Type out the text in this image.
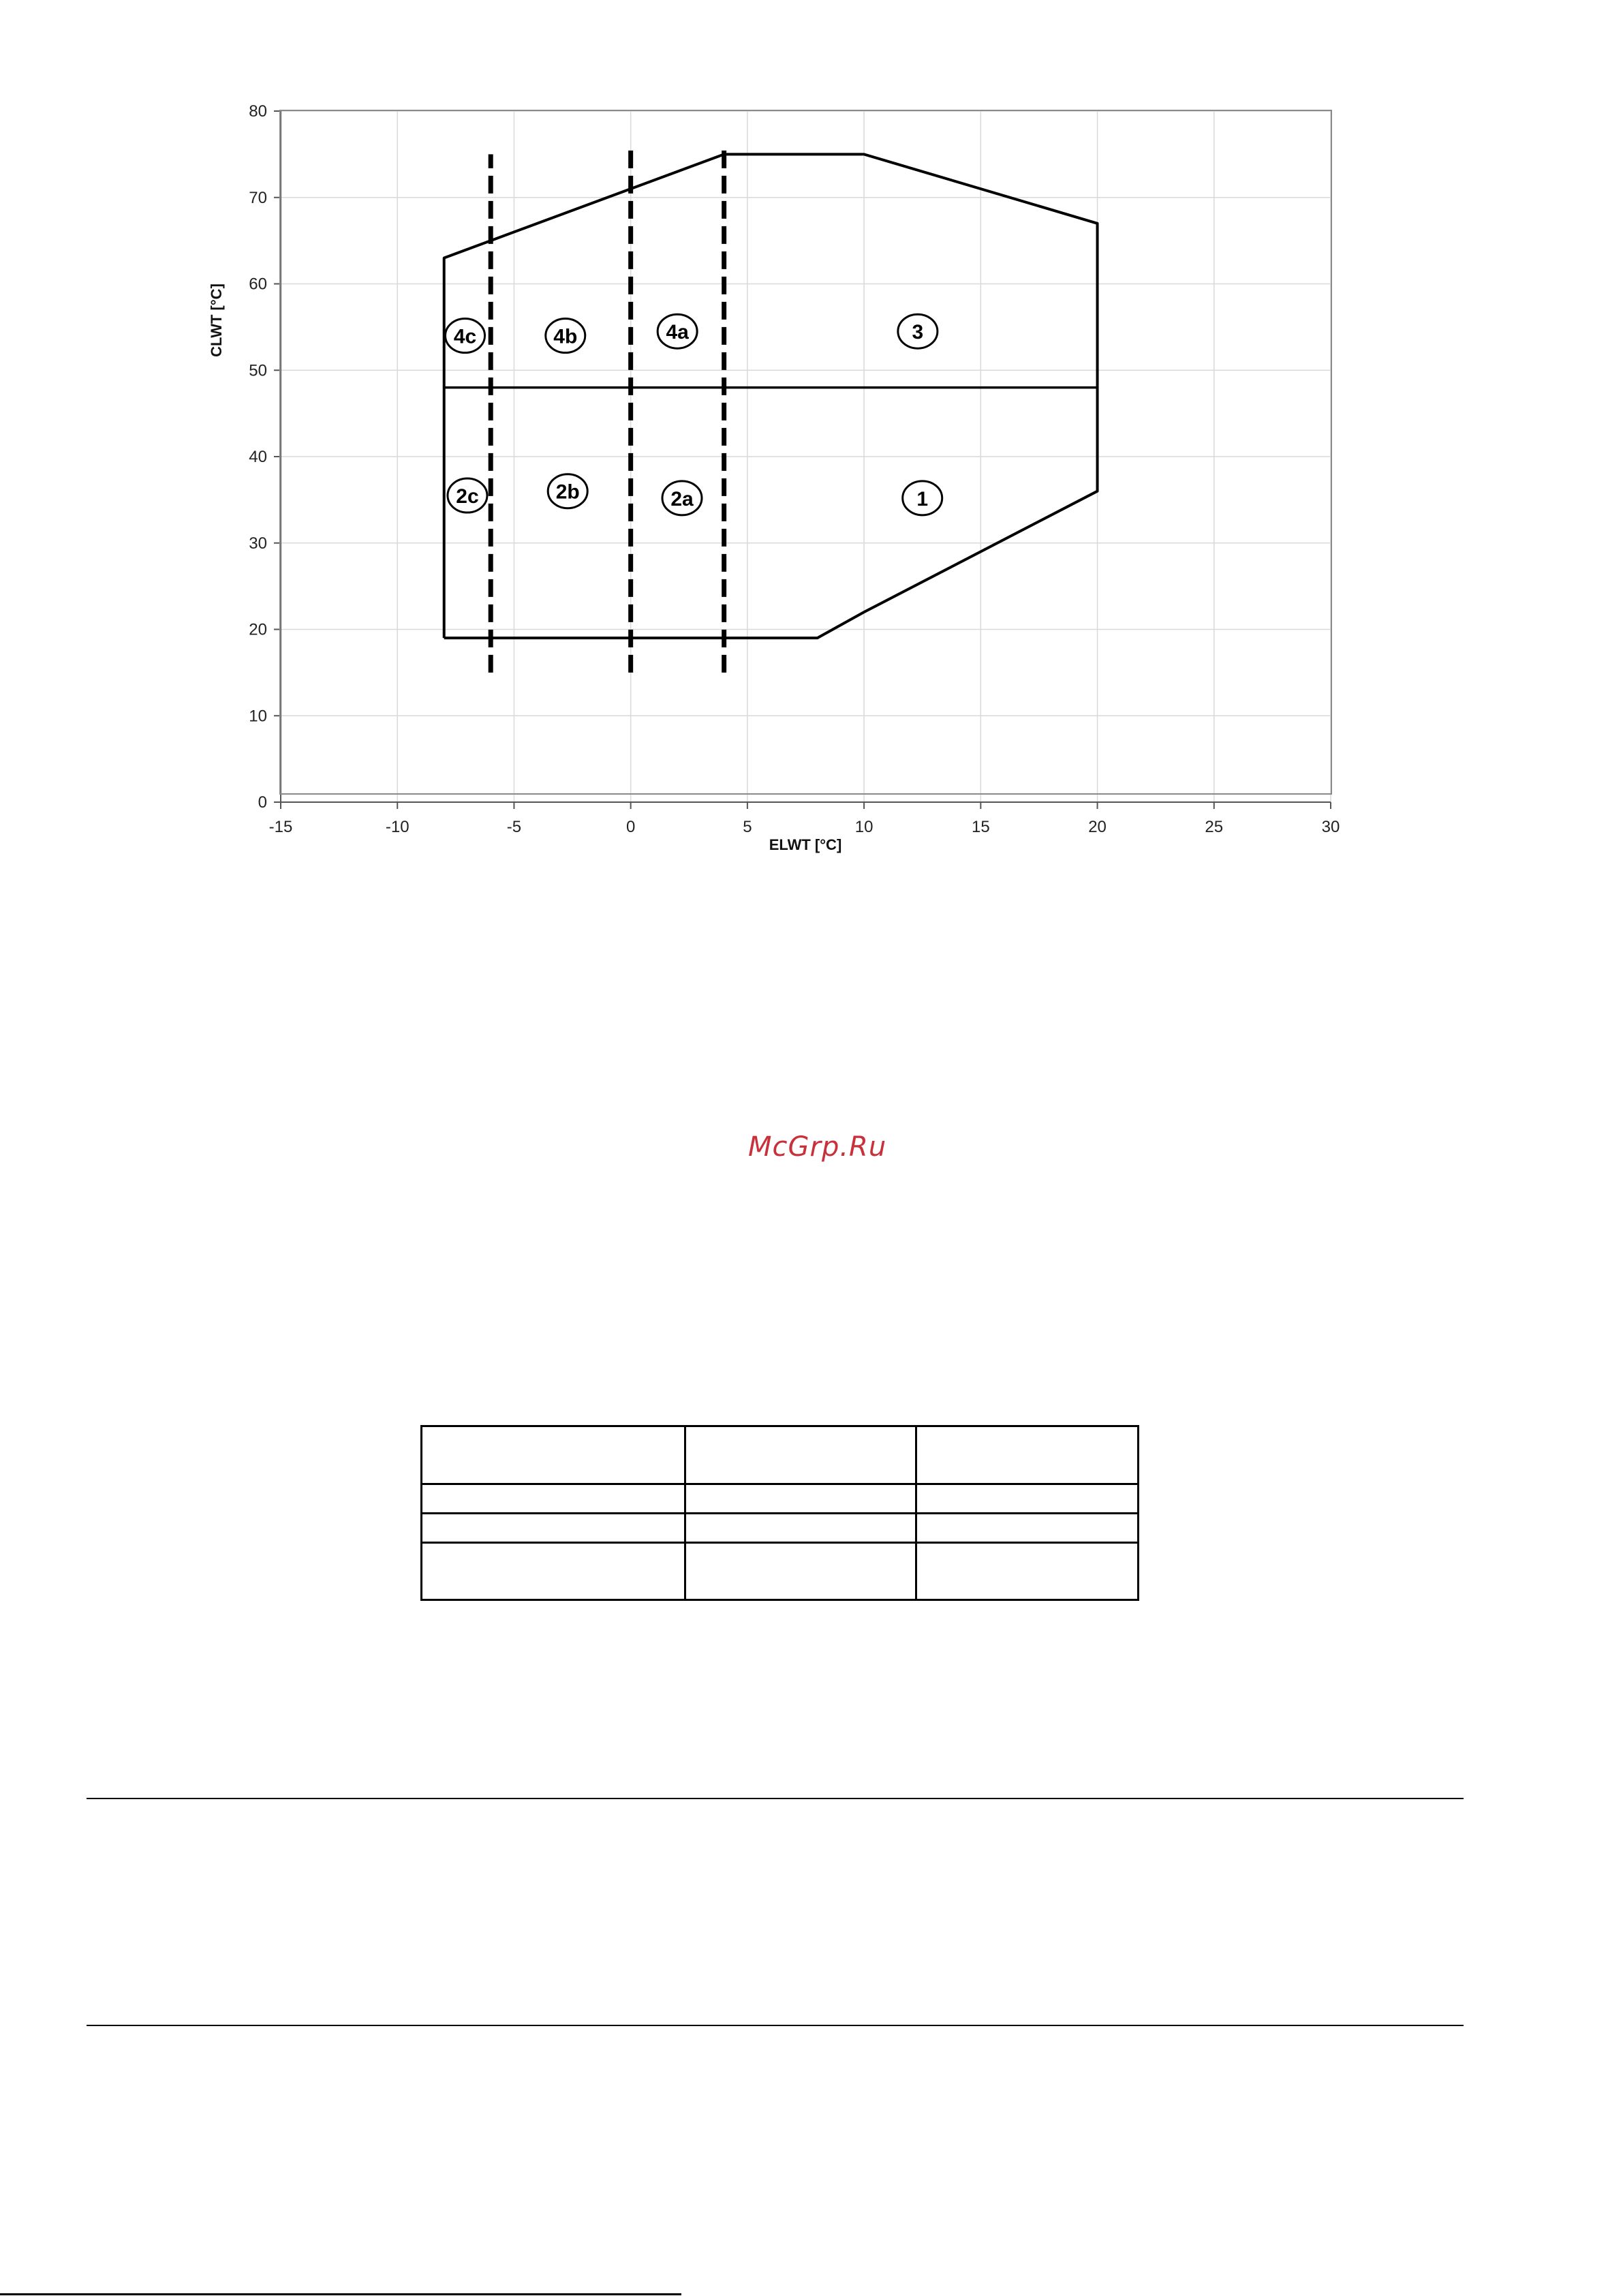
-15	-10	-5	0	5	10	15	20	25	30
0
10
20
30
40
50
60
70
80
4c	4b	4a	3
2c	2b	2a	1
ELWT [°C]
CLWT [°C]
McGrp.Ru
